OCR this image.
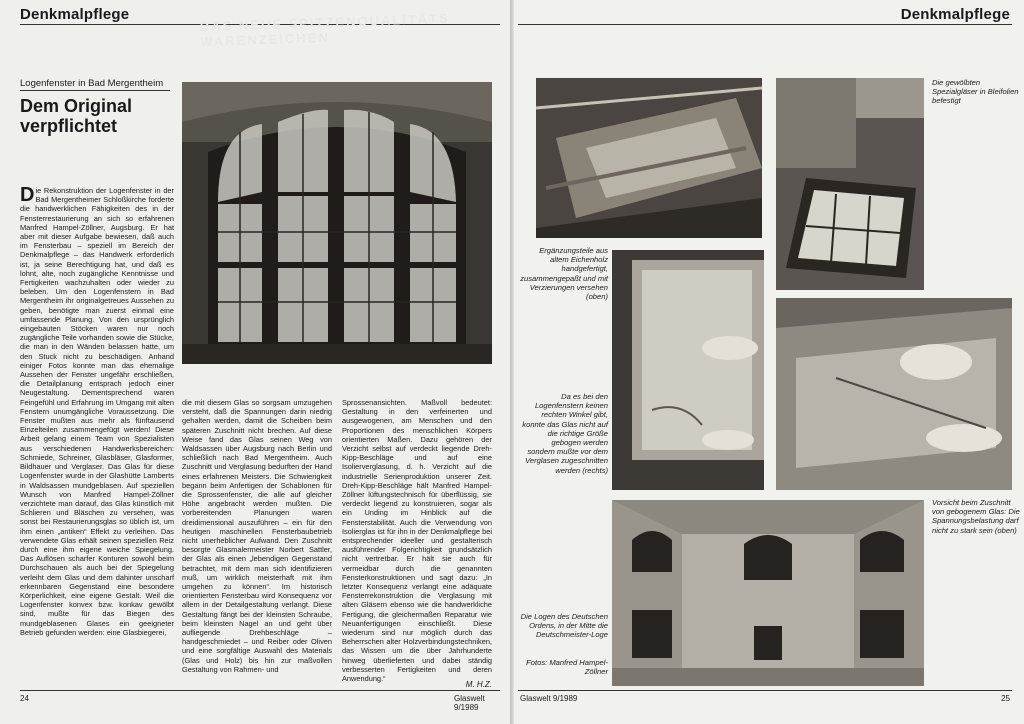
Denkmalpflege	DAS NEUE SPITZENQUALITÄTS WARENZEICHEN
Logenfenster in Bad Mergentheim
Dem Original
verpflichtet
Die Rekonstruktion der Logenfenster in der Bad Mergentheimer Schloßkirche forderte die handwerklichen Fähigkeiten des in der Fensterrestaurierung an sich so erfahrenen Manfred Hampel-Zöllner, Augsburg. Er hat aber mit dieser Aufgabe bewiesen, daß auch im Fensterbau – speziell im Bereich der Denkmalpflege – das Handwerk erforderlich ist, ja seine Berechtigung hat, und daß es lohnt, alte, noch zugängliche Kenntnisse und Fertigkeiten wachzuhalten oder wieder zu beleben. Um den Logenfenstern in Bad Mergentheim ihr originalgetreues Aussehen zu geben, benötigte man zuerst einmal eine umfassende Planung. Von den ursprünglich eingebauten Stöcken waren nur noch zugängliche Teile vorhanden sowie die Stücke, die man in den Wänden belassen hatte, um den Stuck nicht zu beschädigen. Anhand einiger Fotos konnte man das ehemalige Aussehen der Fenster ungefähr erschließen, die Detailplanung entsprach jedoch einer Neugestaltung. Dementsprechend waren Feingefühl und Erfahrung im Umgang mit alten Fenstern unumgängliche Voraussetzung. Die Fenster mußten aus mehr als fünftausend Einzelteilen zusammengefügt werden! Diese Arbeit gelang einem Team von Spezialisten aus verschiedenen Handwerksbereichen: Schmiede, Schreiner, Glasbläser, Glasformer, Bildhauer und Verglaser. Das Glas für diese Logenfenster wurde in der Glashütte Lamberts in Waldsassen mundgeblasen. Auf speziellen Wunsch von Manfred Hampel-Zöllner verzichtete man darauf, das Glas künstlich mit Schlieren und Bläschen zu versehen, was sonst bei Restaurierungsglas so üblich ist, um ihm einen „antiken“ Effekt zu verleihen. Das verwendete Glas erhält seinen speziellen Reiz durch eine ihm eigene weiche Spiegelung. Das Auflösen scharfer Konturen sowohl beim Durchschauen als auch bei der Spiegelung verleiht dem Glas und dem dahinter unscharf erkennbaren Gegenstand eine besondere Körperlichkeit, eine eigene Gestalt. Weil die Logenfenster konvex bzw. konkav gewölbt sind, mußte für das Biegen des mundgeblasenen Glases ein geeigneter Betrieb gefunden werden: eine Glasbiegerei,
die mit diesem Glas so sorgsam umzugehen versteht, daß die Spannungen darin niedrig gehalten werden, damit die Scheiben beim späteren Zuschnitt nicht brechen. Auf diese Weise fand das Glas seinen Weg von Waldsassen über Augsburg nach Berlin und schließlich nach Bad Mergentheim. Auch Zuschnitt und Verglasung bedurften der Hand eines erfahrenen Meisters. Die Schwierigkeit begann beim Anfertigen der Schablonen für die Sprossenfenster, die alle auf gleicher Höhe angebracht werden mußten. Die vorbereitenden Planungen waren dreidimensional auszuführen – ein für den heutigen maschinellen Fensterbaubetrieb nicht unerheblicher Aufwand. Den Zuschnitt besorgte Glasmalermeister Norbert Sattler, der Glas als einen „lebendigen Gegenstand betrachtet, mit dem man sich identifizieren muß, um wirklich meisterhaft mit ihm umgehen zu können“. Im historisch orientierten Fensterbau wird Konsequenz vor allem in der Detailgestaltung verlangt. Diese Gestaltung fängt bei der kleinsten Schraube, beim kleinsten Nagel an und geht über aufliegende Drehbeschläge – handgeschmiedet – und Reiber oder Oliven und eine sorgfältige Auswahl des Materials (Glas und Holz) bis hin zur maßvollen Gestaltung von Rahmen- und
Sprossenansichten. Maßvoll bedeutet: Gestaltung in den verfeinerten und ausgewogenen, am Menschen und den Proportionen des menschlichen Körpers orientierten Maßen. Dazu gehören der Verzicht selbst auf verdeckt liegende Dreh-Kipp-Beschläge und auf eine Isolierverglasung, d. h. Verzicht auf die industrielle Serienproduktion unserer Zeit. Dreh-Kipp-Beschläge hält Manfred Hampel-Zöllner lüftungstechnisch für überflüssig, sie verdeckt liegend zu konstruieren, sogar als ein Unding im Hinblick auf die Fensterstabilität. Auch die Verwendung von Isolierglas ist für ihn in der Denkmalpflege bei entsprechender ideeller und gestalterisch ausführender Folgerichtigkeit grundsätzlich nicht vertretbar. Er hält sie auch für vermeidbar durch die genannten Fensterkonstruktionen und sagt dazu: „In letzter Konsequenz verlangt eine adäquate Fensterrekonstruktion die Verglasung mit alten Gläsern ebenso wie die handwerkliche Fertigung, die gleichermaßen Reparatur wie Neuanfertigungen einschließt. Diese wiederum sind nur möglich durch das Beherrschen alter Holzverbindungstechniken, das Wissen um die über Jahrhunderte hinweg überlieferten und dabei ständig verbesserten Fertigkeiten und deren Anwendung.“
M. H.Z.
24	Glaswelt 9/1989
Denkmalpflege
Die gewölbten Spezialgläser in Bleifolien befestigt
Ergänzungsteile aus altem Eichenholz handgefertigt, zusammengepaßt und mit Verzierungen versehen (oben)
Da es bei den Logenfenstern keinen rechten Winkel gibt, konnte das Glas nicht auf die richtige Größe gebogen werden sondern mußte vor dem Verglasen zugeschnitten werden (rechts)
Vorsicht beim Zuschnitt von gebogenem Glas: Die Spannungsbelastung darf nicht zu stark sein (oben)
Die Logen des Deutschen Ordens, in der Mitte die Deutschmeister-Loge
Fotos: Manfred Hampel-Zöllner
Glaswelt 9/1989	25
